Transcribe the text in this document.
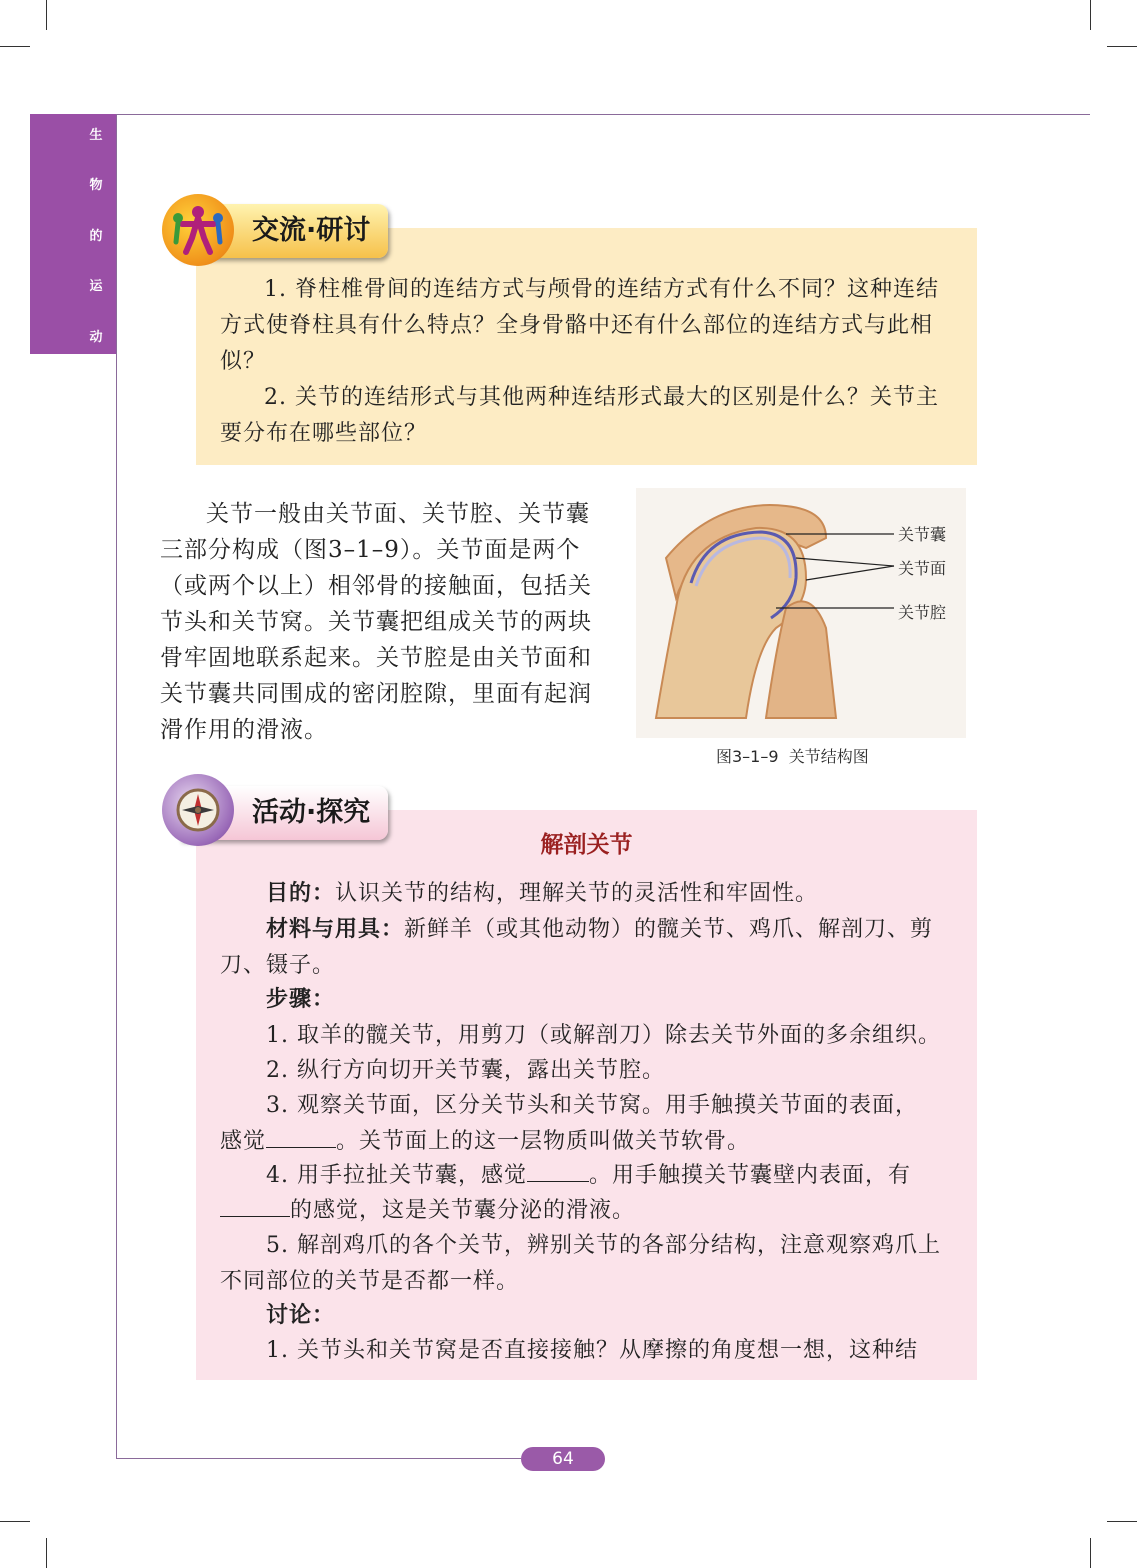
生
物
的
运
动
交流·研讨
1. 脊柱椎骨间的连结方式与颅骨的连结方式有什么不同？这种连结方式使脊柱具有什么特点？全身骨骼中还有什么部位的连结方式与此相似？
2. 关节的连结形式与其他两种连结形式最大的区别是什么？关节主要分布在哪些部位？
关节一般由关节面、关节腔、关节囊三部分构成（图3–1–9）。关节面是两个（或两个以上）相邻骨的接触面，包括关节头和关节窝。关节囊把组成关节的两块骨牢固地联系起来。关节腔是由关节面和关节囊共同围成的密闭腔隙，里面有起润滑作用的滑液。
关节囊
关节面
关节腔
图3–1–9  关节结构图
活动·探究
解剖关节
目的：认识关节的结构，理解关节的灵活性和牢固性。
材料与用具：新鲜羊（或其他动物）的髋关节、鸡爪、解剖刀、剪刀、镊子。
步骤：
1. 取羊的髋关节，用剪刀（或解剖刀）除去关节外面的多余组织。
2. 纵行方向切开关节囊，露出关节腔。
3. 观察关节面，区分关节头和关节窝。用手触摸关节面的表面，
感觉	。关节面上的这一层物质叫做关节软骨。
4. 用手拉扯关节囊，感觉	。用手触摸关节囊壁内表面，有
的感觉，这是关节囊分泌的滑液。
5. 解剖鸡爪的各个关节，辨别关节的各部分结构，注意观察鸡爪上不同部位的关节是否都一样。
讨论：
1. 关节头和关节窝是否直接接触？从摩擦的角度想一想，这种结
64
